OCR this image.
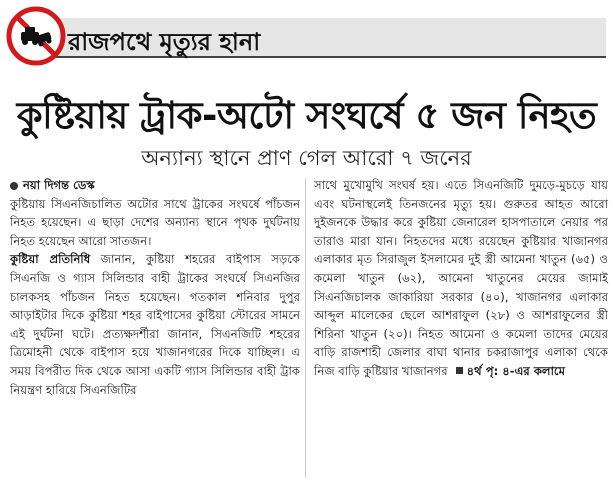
রাজপথে মৃত্যুর হানা
কুষ্টিয়ায় ট্রাক-অটো সংঘর্ষে ৫ জন নিহত
অন্যান্য স্থানে প্রাণ গেল আরো ৭ জনের

নয়া দিগন্ত ডেস্ক

কুষ্টিয়ায় সিএনজিচালিত অটোর সাথে ট্রাকের সংঘর্ষে পাঁচজন নিহত হয়েছেন। এ ছাড়া দেশের অন্যান্য স্থানে পৃথক দুর্ঘটনায় নিহত হয়েছেন আরো সাতজন।

কুষ্টিয়া প্রতিনিধি জানান, কুষ্টিয়া শহরের বাইপাস সড়কে সিএনজি ও গ্যাস সিলিন্ডার বাহী ট্রাকের সংঘর্ষে সিএনজির চালকসহ পাঁচজন নিহত হয়েছেন। গতকাল শনিবার দুপুর আড়াইটার দিকে কুষ্টিয়া শহর বাইপাসের কুষ্টিয়া স্টোরের সামনে এই দুর্ঘটনা ঘটে। প্রত্যক্ষদর্শীরা জানান, সিএনজিটি শহরের ত্রিমোহনী থেকে বাইপাস হয়ে খাজানগরের দিকে যাচ্ছিল। এ সময় বিপরীত দিক থেকে আসা একটি গ্যাস সিলিন্ডার বাহী ট্রাক নিয়ন্ত্রণ হারিয়ে সিএনজিটির

সাথে মুখোমুখি সংঘর্ষ হয়। এতে সিএনজিটি দুমড়ে-মুচড়ে যায় এবং ঘটনাস্থলেই তিনজনের মৃত্যু হয়। গুরুতর আহত আরো দুইজনকে উদ্ধার করে কুষ্টিয়া জেনারেল হাসপাতালে নেয়ার পর তারাও মারা যান। নিহতদের মধ্যে রয়েছেন কুষ্টিয়ার খাজানগর এলাকার মৃত সিরাজুল ইসলামের দুই স্ত্রী আমেনা খাতুন (৬৫) ও কমেলা খাতুন (৬২), আমেনা খাতুনের মেয়ের জামাই সিএনজিচালক জাকারিয়া সরকার (৪০), খাজানগর এলাকার আব্দুল মালেকের ছেলে আশরাফুল (২৮) ও আশরাফুলের স্ত্রী শিরিনা খাতুন (২০)। নিহত আমেনা ও কমেলা তাদের মেয়ের বাড়ি রাজশাহী জেলার বাঘা থানার চকরাজাপুর এলাকা থেকে নিজ বাড়ি কুষ্টিয়ার খাজানগর ৪র্থ পৃ: ৪-এর কলামে
